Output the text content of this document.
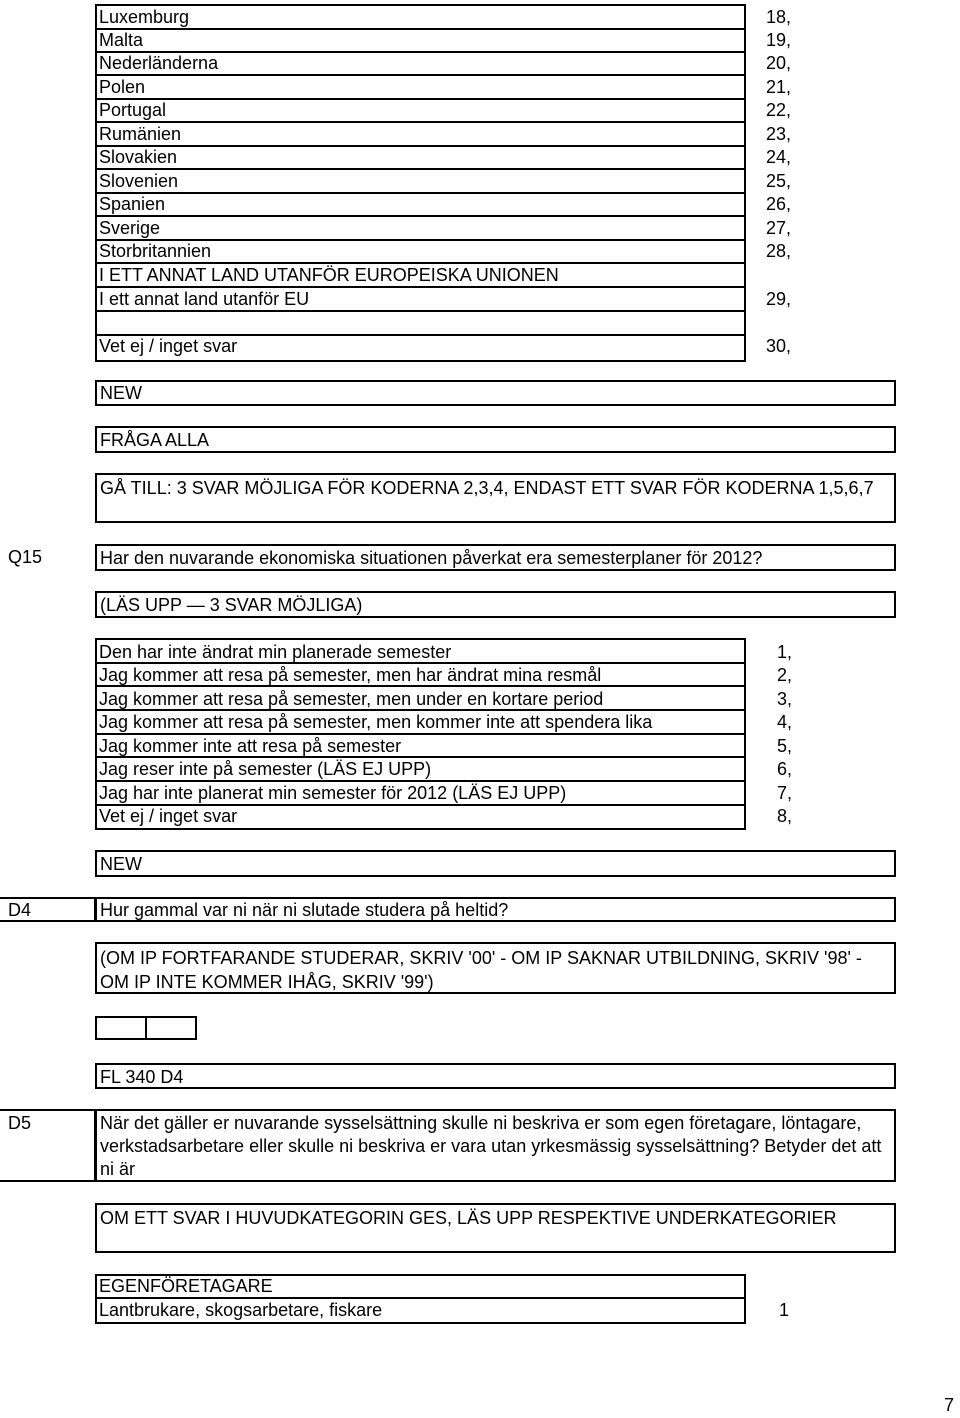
Luxemburg	18,
Malta	19,
Nederländerna	20,
Polen	21,
Portugal	22,
Rumänien	23,
Slovakien	24,
Slovenien	25,
Spanien	26,
Sverige	27,
Storbritannien	28,
I ETT ANNAT LAND UTANFÖR EUROPEISKA UNIONEN
I ett annat land utanför EU	29,
Vet ej / inget svar	30,
NEW
FRÅGA ALLA
GÅ TILL: 3 SVAR MÖJLIGA FÖR KODERNA 2,3,4, ENDAST ETT SVAR FÖR KODERNA 1,5,6,7
Q15	Har den nuvarande ekonomiska situationen påverkat era semesterplaner för 2012?
(LÄS UPP — 3 SVAR MÖJLIGA)
Den har inte ändrat min planerade semester	1,
Jag kommer att resa på semester, men har ändrat mina resmål	2,
Jag kommer att resa på semester, men under en kortare period	3,
Jag kommer att resa på semester, men kommer inte att spendera lika	4,
Jag kommer inte att resa på semester	5,
Jag reser inte på semester (LÄS EJ UPP)	6,
Jag har inte planerat min semester för 2012 (LÄS EJ UPP)	7,
Vet ej / inget svar	8,
NEW
D4	Hur gammal var ni när ni slutade studera på heltid?
(OM IP FORTFARANDE STUDERAR, SKRIV '00' - OM IP SAKNAR UTBILDNING, SKRIV '98' - OM IP INTE KOMMER IHÅG, SKRIV '99')
FL 340 D4
D5	När det gäller er nuvarande sysselsättning skulle ni beskriva er som egen företagare, löntagare, verkstadsarbetare eller skulle ni beskriva er vara utan yrkesmässig sysselsättning? Betyder det att ni är
OM ETT SVAR I HUVUDKATEGORIN GES, LÄS UPP RESPEKTIVE UNDERKATEGORIER
EGENFÖRETAGARE
Lantbrukare, skogsarbetare, fiskare	1
7
